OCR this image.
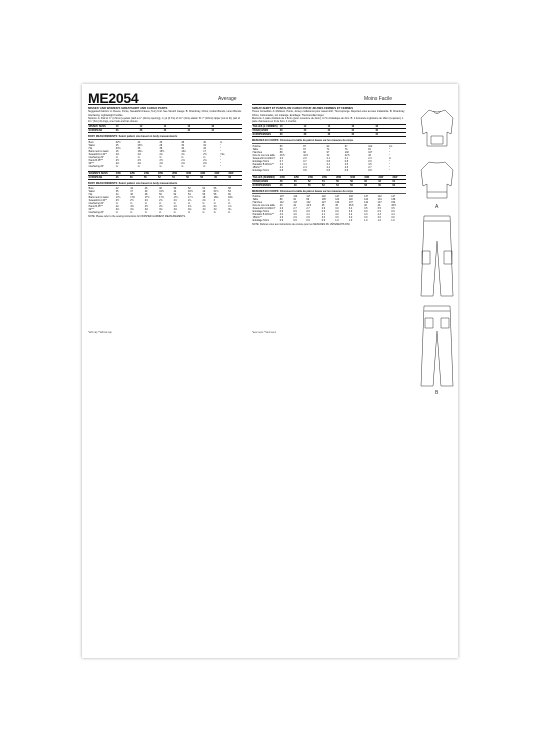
ME2054	Average	Moins Facile
MISSES' AND WOMEN'S SWEATSHIRT AND CARGO PANTS
Suggested Fabrics: A: Fleece, Ponte, Sweatshirt Fleece, Terry Knit. See Stretch Gauge. B: Chambray, Chino, Cotton Blends, Linen Blends. Interfacing: Lightweight Fusible.
Notions: A: Pad of ¾" (1.5mm) eyelets (with a ¾" (4mm) opening), ¾ yd (0.7m) of 1¼" (4cm) elastic. B: 7" (18cm) zipper (cut to fit), pair of 1¼" (3cm) D-rings, one hook and bar closure.
MISSES' SIZES	10	12	14	16	18	
EUROPEAN	36	38	40	42	44	
BODY MEASUREMENTS: Select pattern size based on body measurements
Bust	32½	34	36	38	40	in.
Waist	25	26½	28	30	32	"
Hip	34½	36	38	40	42	"
Back neck to waist	16	16¼	16½	16¾	17	"
Sweatshirt A 40"*	2⅛	2⅛	2¼	2¼	2½	Yds.
Interfacing 20"	⅛	⅛	⅛	⅛	⅛	"
Pants B 45"**	2½	2½	2½	2⅝	2⅝	"
60"**	2⅛	2⅛	2⅛	2⅛	2⅛	"
Interfacing 20"	⅛	⅛	⅛	⅛	⅛	"
WOMEN'S SIZES	20W	22W	24W	26W	28W	30W	32W	34W	36W
EUROPEAN	46	48	50	52	54	56	58	60	62
BODY MEASUREMENTS: Select pattern size based on body measurements
Bust	42	44	46	48	50	52	54	56	58
Waist	35	37	39	41½	44	46½	49	51½	53
Hip	44	46	48	50	52	54	56	58	60
Back neck to waist	17¼	17⅜	17½	17⅝	17¾	17⅞	18	18⅛	18¼
Sweatshirt A 40"*	2½	2½	2⅝	2⅝	2⅝	2¾	2¾	3	3
Interfacing 20"	⅛	⅛	⅛	⅛	⅛	⅛	⅛	⅛	⅛
Pants B 45"**	4¼	4⅜	4½	4½	4⅝	4⅝	4¾	4¾	4⅞
60"**	3⅛	3⅛	3⅛	3⅛	3⅛	3⅛	3¼	3¼	3¼
Interfacing 20"	⅛	⅛	⅛	⅛	⅛	⅛	⅛	⅛	⅛
NOTE: Please refer to the sewing instructions for FINISHED GARMENT MEASUREMENTS.
SWEAT-SHIRT ET PANTALON CARGO POUR JEUNES FEMMES ET FEMMES
Tissus Conseillés: A: Molleton, Ponte, Jersey molletonné pour sweat shirt, Tricot éponge. Reportez-vous au taux d'élasticité. B: Chambray, Chino, Cotonnades, Lin mélangé. Entoilage: Thermocollant léger.
Mercerie: 1 paire d'œillets de 1.5mm (pour ouverture de 4mm), 0.7m d'élastique de 4cm. B: 1 fermeture à glissière de 18cm (à ajuster), 1 paire d'anneaux en D de 3cm, 1 crochet.
TAILLES (J. FEMMES)	10	12	14	16	18	
FRANÇAISES	38	40	42	44	46	
EUROPÉENNES	36	38	40	42	44	
MESURES DU CORPS: Choisissez la taille du patron basée sur les mesures du corps
Poitrine	83	87	92	97	102	cm
Taille	64	67	71	76	81	"
Hanches	88	92	97	102	107	"
Dos du cou à la taille	40.5	41.5	42	42.5	43	"
Sweat-shirt A 100cm*	2.0	2.0	2.1	2.1	2.3	m
Entoilage 51cm	0.7	0.7	0.8	0.8	0.9	"
Pantalon B 115cm**	3.4	3.4	3.4	3.5	3.5	"
150cm**	2.4	2.4	2.4	2.6	2.7	"
Entoilage 51cm	0.8	0.8	0.8	0.8	0.8	"
TAILLES (FEMMES)	20W	22W	24W	26W	28W	30W	32W	34W	36W
FRANÇAISES	48	50	52	54	56	58	60	62	64
EUROPÉENNES	46	48	50	52	54	56	58	60	62
MESURES DU CORPS: Choisissez la taille du patron basée sur les mesures du corps
Poitrine	107	112	117	122	127	132	137	142	147
Taille	89	94	99	105	112	118	124	131	138
Hanches	112	117	122	127	132	137	142	147	152
Dos du cou à la taille	44	44	44.5	45	45	45.5	46	46	46.5
Sweat-shirt A 100cm*	2.6	2.7	2.7	2.9	3.0	3.4	3.5	3.5	3.5
Entoilage 51cm	0.9	0.9	0.9	0.9	0.9	0.9	0.9	0.9	0.9
Pantalon B 115cm**	4.0	4.0	4.1	4.1	4.2	4.2	4.3	4.3	4.4
150cm**	2.9	2.9	2.9	3.0	3.0	3.0	3.0	3.0	3.0
Entoilage 51cm	0.9	0.9	0.9	0.9	1.0	1.0	1.0	1.0	1.0
NOTE: Référez-vous aux instructions de couture pour les MESURES DU VÊTEMENTS FINI.
*with nap **without nap	*avec sens **sans sens
A
B
